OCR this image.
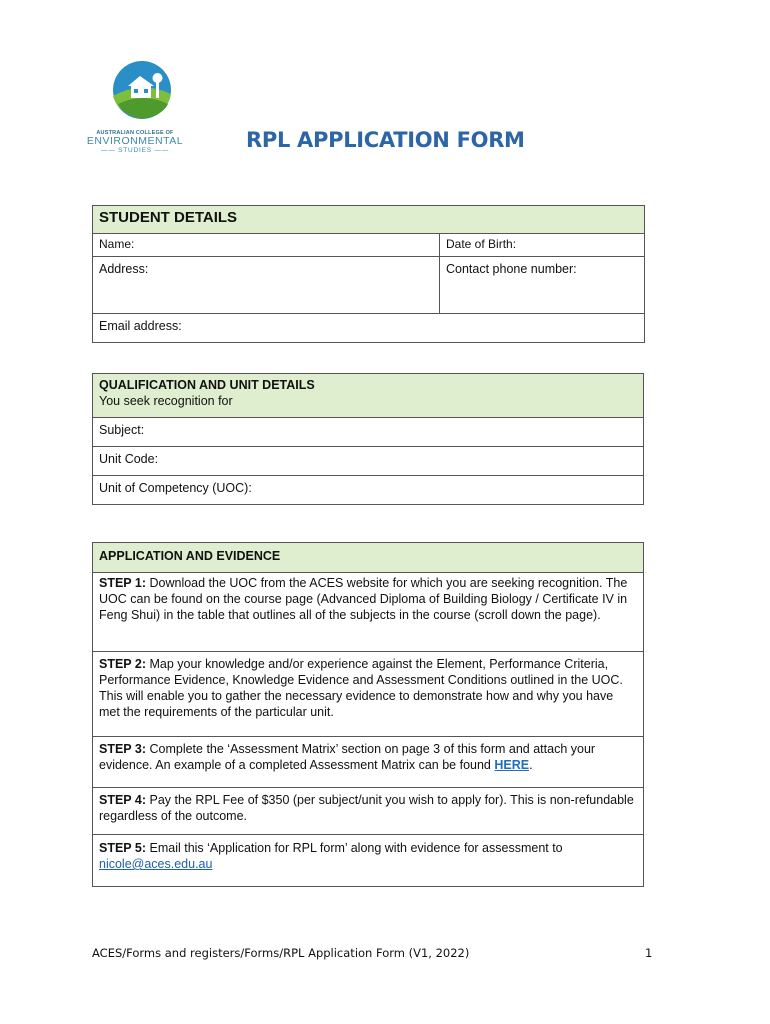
AUSTRALIAN COLLEGE OF
ENVIRONMENTAL
—— STUDIES ——	RPL APPLICATION FORM
STUDENT DETAILS	
Name:	Date of Birth:
Address:	Contact phone number:
Email address:	
QUALIFICATION AND UNIT DETAILS
You seek recognition for

Subject:
Unit Code:
Unit of Competency (UOC):
APPLICATION AND EVIDENCE
STEP 1: Download the UOC from the ACES website for which you are seeking recognition. The UOC can be found on the course page (Advanced Diploma of Building Biology / Certificate IV in Feng Shui) in the table that outlines all of the subjects in the course (scroll down the page).
STEP 2: Map your knowledge and/or experience against the Element, Performance Criteria, Performance Evidence, Knowledge Evidence and Assessment Conditions outlined in the UOC. This will enable you to gather the necessary evidence to demonstrate how and why you have met the requirements of the particular unit.
STEP 3: Complete the ‘Assessment Matrix’ section on page 3 of this form and attach your evidence. An example of a completed Assessment Matrix can be found HERE.
STEP 4: Pay the RPL Fee of $350 (per subject/unit you wish to apply for). This is non-refundable regardless of the outcome.
STEP 5: Email this ‘Application for RPL form’ along with evidence for assessment to nicole@aces.edu.au
ACES/Forms and registers/Forms/RPL Application Form (V1, 2022)	1
